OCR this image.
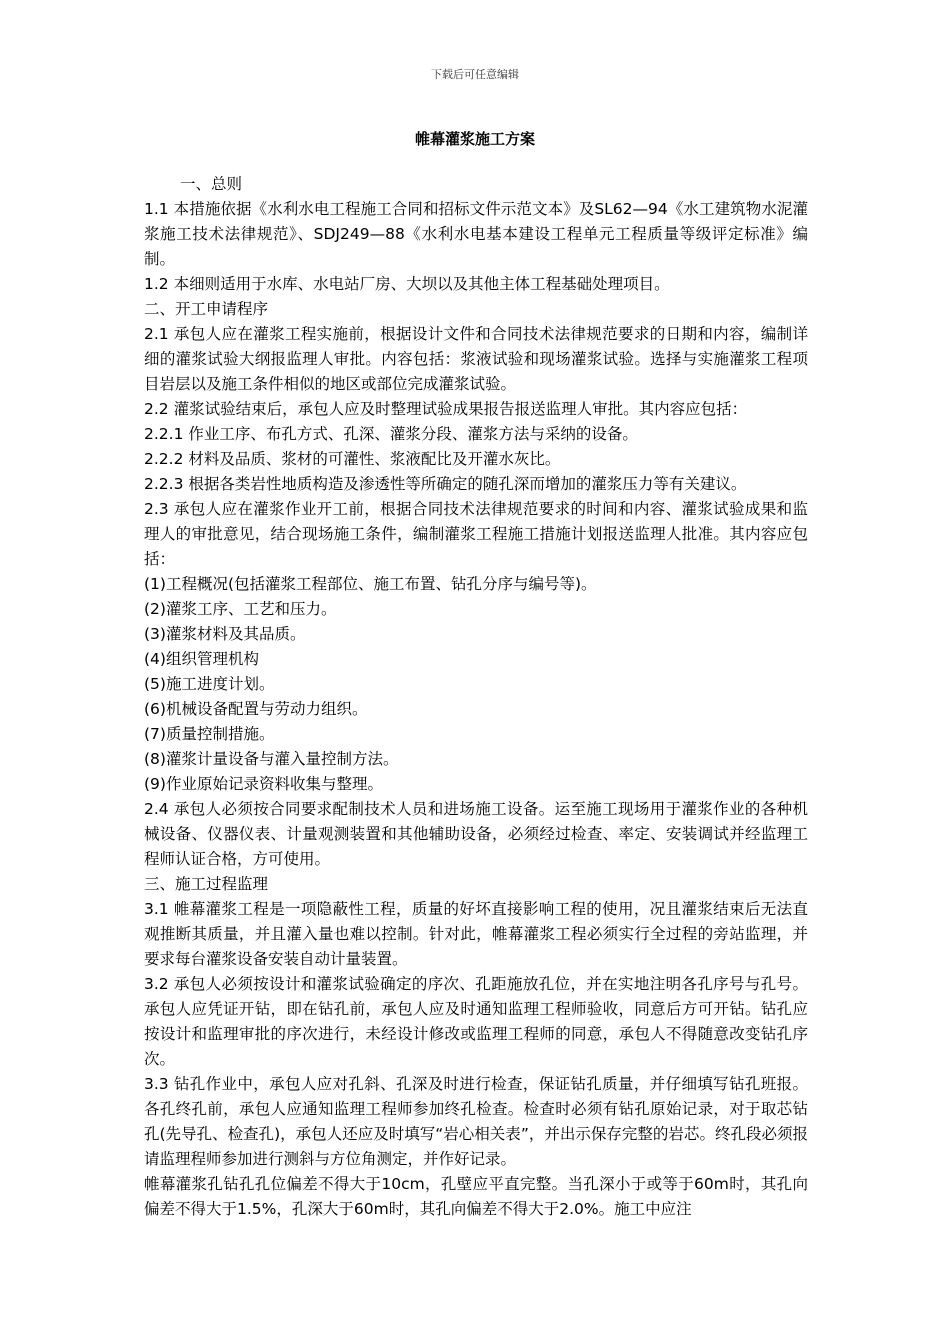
下载后可任意编辑
帷幕灌浆施工方案

一、总则

1.1 本措施依据《水利水电工程施工合同和招标文件示范文本》及SL62—94《水工建筑物水泥灌浆施工技术法律规范》、SDJ249—88《水利水电基本建设工程单元工程质量等级评定标准》编制。

1.2 本细则适用于水库、水电站厂房、大坝以及其他主体工程基础处理项目。

二、开工申请程序

2.1 承包人应在灌浆工程实施前，根据设计文件和合同技术法律规范要求的日期和内容，编制详细的灌浆试验大纲报监理人审批。内容包括：浆液试验和现场灌浆试验。选择与实施灌浆工程项目岩层以及施工条件相似的地区或部位完成灌浆试验。

2.2 灌浆试验结束后，承包人应及时整理试验成果报告报送监理人审批。其内容应包括：

2.2.1 作业工序、布孔方式、孔深、灌浆分段、灌浆方法与采纳的设备。

2.2.2 材料及品质、浆材的可灌性、浆液配比及开灌水灰比。

2.2.3 根据各类岩性地质构造及渗透性等所确定的随孔深而增加的灌浆压力等有关建议。

2.3 承包人应在灌浆作业开工前，根据合同技术法律规范要求的时间和内容、灌浆试验成果和监理人的审批意见，结合现场施工条件，编制灌浆工程施工措施计划报送监理人批准。其内容应包括：

(1)工程概况(包括灌浆工程部位、施工布置、钻孔分序与编号等)。

(2)灌浆工序、工艺和压力。

(3)灌浆材料及其品质。

(4)组织管理机构

(5)施工进度计划。

(6)机械设备配置与劳动力组织。

(7)质量控制措施。

(8)灌浆计量设备与灌入量控制方法。

(9)作业原始记录资料收集与整理。

2.4 承包人必须按合同要求配制技术人员和进场施工设备。运至施工现场用于灌浆作业的各种机械设备、仪器仪表、计量观测装置和其他辅助设备，必须经过检查、率定、安装调试并经监理工程师认证合格，方可使用。

三、施工过程监理

3.1 帷幕灌浆工程是一项隐蔽性工程，质量的好坏直接影响工程的使用，况且灌浆结束后无法直观推断其质量，并且灌入量也难以控制。针对此，帷幕灌浆工程必须实行全过程的旁站监理，并要求每台灌浆设备安装自动计量装置。

3.2 承包人必须按设计和灌浆试验确定的序次、孔距施放孔位，并在实地注明各孔序号与孔号。承包人应凭证开钻，即在钻孔前，承包人应及时通知监理工程师验收，同意后方可开钻。钻孔应按设计和监理审批的序次进行，未经设计修改或监理工程师的同意，承包人不得随意改变钻孔序次。

3.3 钻孔作业中，承包人应对孔斜、孔深及时进行检查，保证钻孔质量，并仔细填写钻孔班报。各孔终孔前，承包人应通知监理工程师参加终孔检查。检查时必须有钻孔原始记录，对于取芯钻孔(先导孔、检查孔)，承包人还应及时填写“岩心相关表”，并出示保存完整的岩芯。终孔段必须报请监理程师参加进行测斜与方位角测定，并作好记录。

帷幕灌浆孔钻孔孔位偏差不得大于10cm，孔壁应平直完整。当孔深小于或等于60m时，其孔向偏差不得大于1.5%，孔深大于60m时，其孔向偏差不得大于2.0%。施工中应注
